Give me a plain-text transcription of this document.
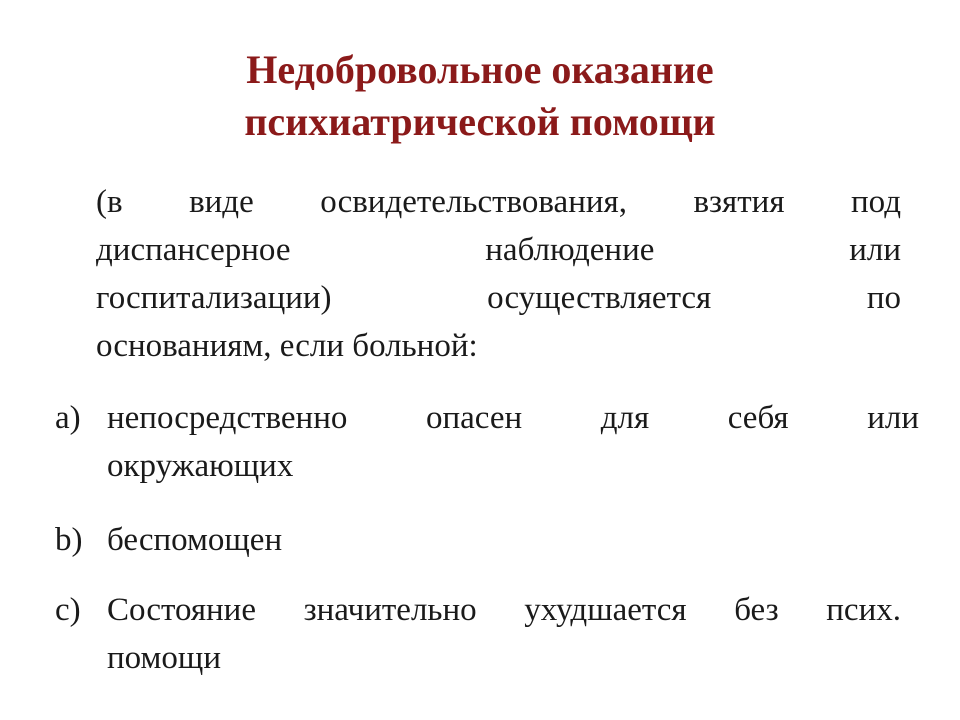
Недобровольное оказание
психиатрической помощи
(в виде освидетельствования, взятия под
диспансерное наблюдение или
госпитализации) осуществляется по
основаниям, если больной:
a) непосредственно опасен для себя или
окружающих
b) беспомощен
c) Состояние значительно ухудшается без псих.
помощи
